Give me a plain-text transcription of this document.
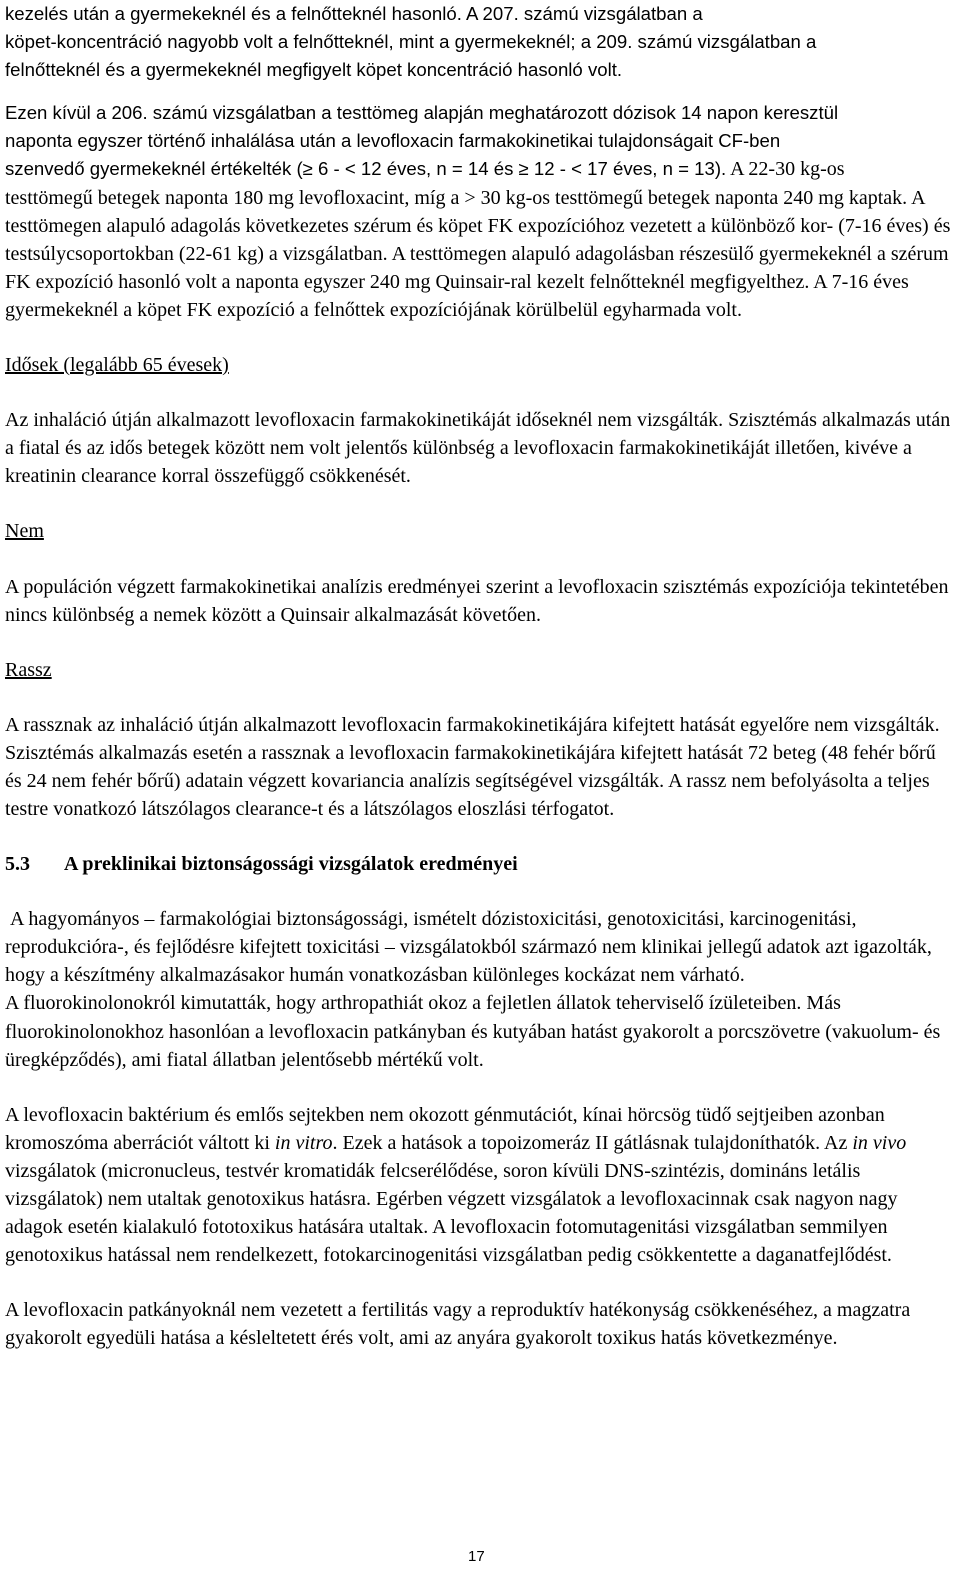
kezelés után a gyermekeknél és a felnőtteknél hasonló. A 207. számú vizsgálatban a
köpet-koncentráció nagyobb volt a felnőtteknél, mint a gyermekeknél; a 209. számú vizsgálatban a
felnőtteknél és a gyermekeknél megfigyelt köpet koncentráció hasonló volt.
Ezen kívül a 206. számú vizsgálatban a testtömeg alapján meghatározott dózisok 14 napon keresztül
naponta egyszer történő inhalálása után a levofloxacin farmakokinetikai tulajdonságait CF-ben
szenvedő gyermekeknél értékelték (≥ 6 - < 12 éves, n = 14 és ≥ 12 - < 17 éves, n = 13). A 22-30 kg-os

testtömegű betegek naponta 180 mg levofloxacint, míg a > 30 kg-os testtömegű betegek naponta 240 mg kaptak. A testtömegen alapuló adagolás következetes szérum és köpet FK expozícióhoz vezetett a különböző kor- (7-16 éves) és testsúlycsoportokban (22-61 kg) a vizsgálatban. A testtömegen alapuló adagolásban részesülő gyermekeknél a szérum FK expozíció hasonló volt a naponta egyszer 240 mg Quinsair-ral kezelt felnőtteknél megfigyelthez. A 7-16 éves gyermekeknél a köpet FK expozíció a felnőttek expozíciójának körülbelül egyharmada volt.

Idősek (legalább 65 évesek)

Az inhaláció útján alkalmazott levofloxacin farmakokinetikáját időseknél nem vizsgálták. Szisztémás alkalmazás után a fiatal és az idős betegek között nem volt jelentős különbség a levofloxacin farmakokinetikáját illetően, kivéve a kreatinin clearance korral összefüggő csökkenését.

Nem

A populáción végzett farmakokinetikai analízis eredményei szerint a levofloxacin szisztémás expozíciója tekintetében nincs különbség a nemek között a Quinsair alkalmazását követően.

Rassz

A rassznak az inhaláció útján alkalmazott levofloxacin farmakokinetikájára kifejtett hatását egyelőre nem vizsgálták. Szisztémás alkalmazás esetén a rassznak a levofloxacin farmakokinetikájára kifejtett hatását 72 beteg (48 fehér bőrű és 24 nem fehér bőrű) adatain végzett kovariancia analízis segítségével vizsgálták. A rassz nem befolyásolta a teljes testre vonatkozó látszólagos clearance-t és a látszólagos eloszlási térfogatot.

5.3 A preklinikai biztonságossági vizsgálatok eredményei

A hagyományos – farmakológiai biztonságossági, ismételt dózistoxicitási, genotoxicitási, karcinogenitási, reprodukcióra-, és fejlődésre kifejtett toxicitási – vizsgálatokból származó nem klinikai jellegű adatok azt igazolták, hogy a készítmény alkalmazásakor humán vonatkozásban különleges kockázat nem várható.

A fluorokinolonokról kimutatták, hogy arthropathiát okoz a fejletlen állatok teherviselő ízületeiben. Más fluorokinolonokhoz hasonlóan a levofloxacin patkányban és kutyában hatást gyakorolt a porcszövetre (vakuolum- és üregképződés), ami fiatal állatban jelentősebb mértékű volt.

A levofloxacin baktérium és emlős sejtekben nem okozott génmutációt, kínai hörcsög tüdő sejtjeiben azonban kromoszóma aberrációt váltott ki in vitro. Ezek a hatások a topoizomeráz II gátlásnak tulajdoníthatók. Az in vivo vizsgálatok (micronucleus, testvér kromatidák felcserélődése, soron kívüli DNS-szintézis, domináns letális vizsgálatok) nem utaltak genotoxikus hatásra. Egérben végzett vizsgálatok a levofloxacinnak csak nagyon nagy adagok esetén kialakuló fototoxikus hatására utaltak. A levofloxacin fotomutagenitási vizsgálatban semmilyen genotoxikus hatással nem rendelkezett, fotokarcinogenitási vizsgálatban pedig csökkentette a daganatfejlődést.

A levofloxacin patkányoknál nem vezetett a fertilitás vagy a reproduktív hatékonyság csökkenéséhez, a magzatra gyakorolt egyedüli hatása a késleltetett érés volt, ami az anyára gyakorolt toxikus hatás következménye.

17
